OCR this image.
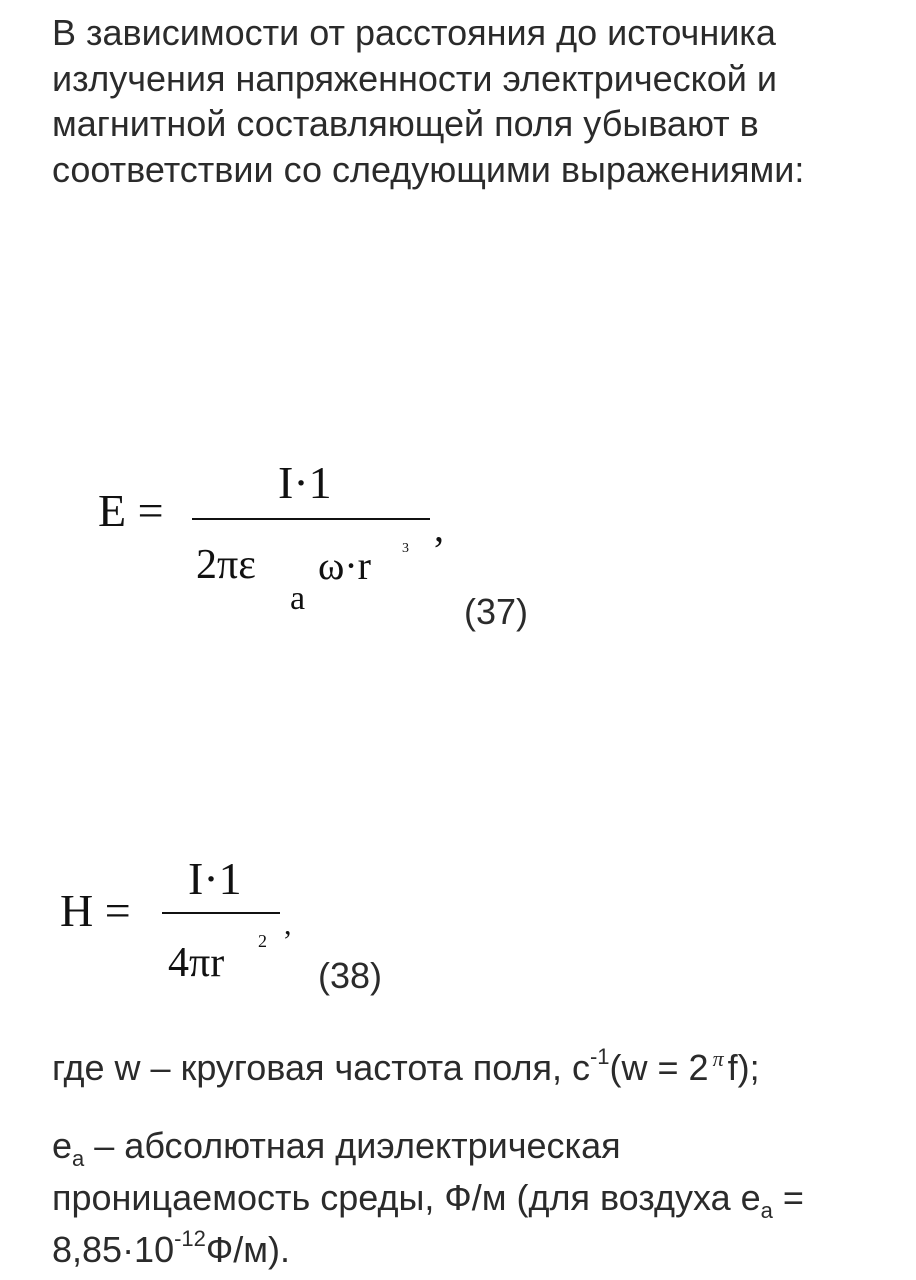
В зависимости от расстояния до источника излучения напряженности электрической и магнитной составляющей поля убывают в соответствии со следующими выражениями:

E =
I·1
2πε
a
ω·r 3 ,
(37)
H =
I·1
4πr 2 ,
(38)

где w – круговая частота поля, $с^{-1}(w = 2$ $^\pi$ f);

$e_a$ – абсолютная диэлектрическая проницаемость среды, Ф/м (для воздуха $e_a = 8,85\cdot 10^{-12}Ф/м$).
